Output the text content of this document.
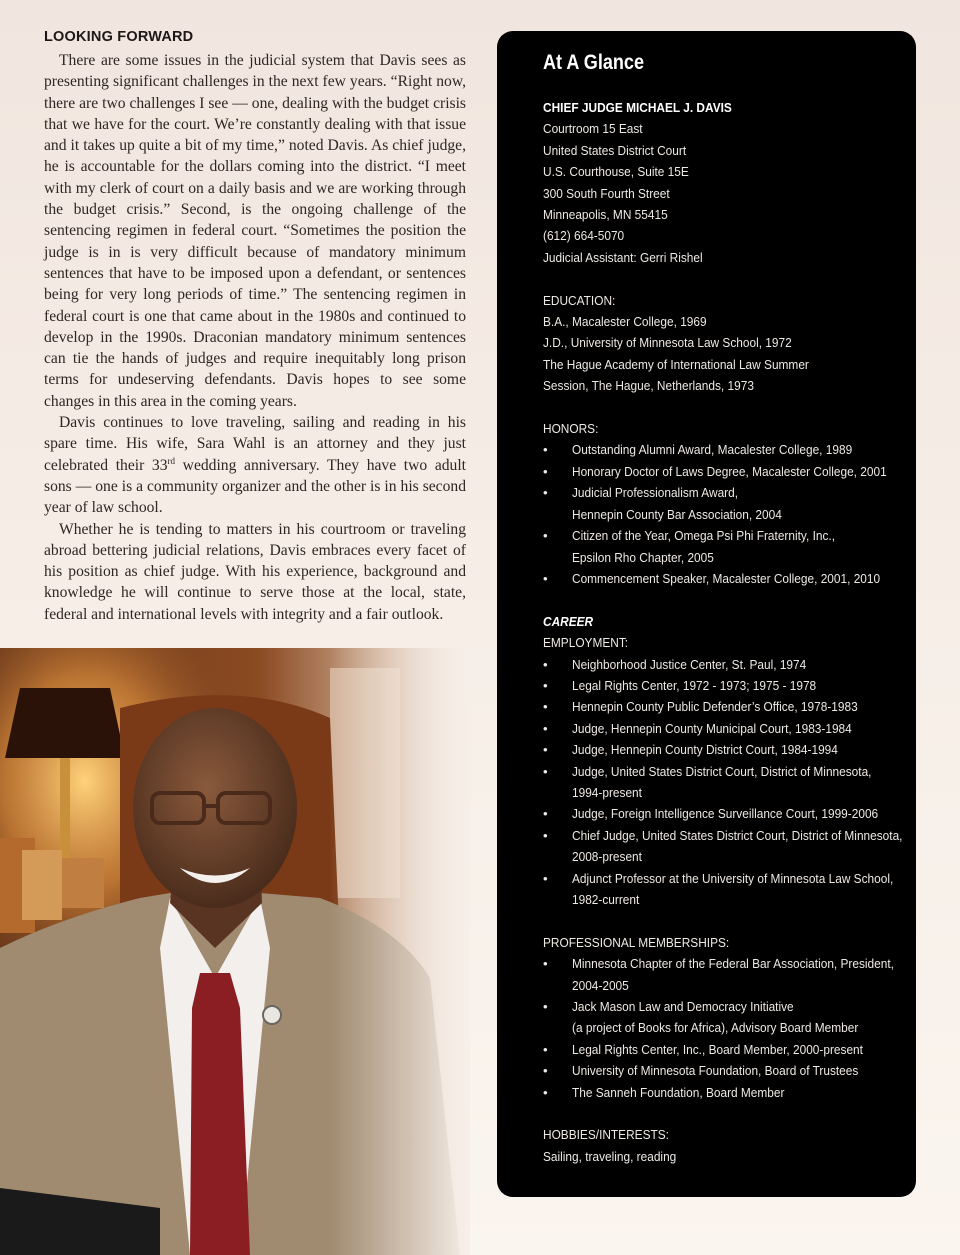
LOOKING FORWARD

There are some issues in the judicial system that Davis sees as presenting significant challenges in the next few years. “Right now, there are two challenges I see — one, dealing with the budget crisis that we have for the court. We’re constantly dealing with that issue and it takes up quite a bit of my time,” noted Davis. As chief judge, he is accountable for the dollars coming into the district. “I meet with my clerk of court on a daily basis and we are working through the budget crisis.” Second, is the ongoing challenge of the sentencing regimen in federal court. “Sometimes the position the judge is in is very difficult because of mandatory minimum sentences that have to be imposed upon a defendant, or sentences being for very long periods of time.” The sentencing regimen in federal court is one that came about in the 1980s and continued to develop in the 1990s. Draconian mandatory minimum sentences can tie the hands of judges and require inequitably long prison terms for undeserving defendants. Davis hopes to see some changes in this area in the coming years.

Davis continues to love traveling, sailing and reading in his spare time. His wife, Sara Wahl is an attorney and they just celebrated their 33rd wedding anniversary. They have two adult sons — one is a community organizer and the other is in his second year of law school.

Whether he is tending to matters in his courtroom or traveling abroad bettering judicial relations, Davis embraces every facet of his position as chief judge. With his experience, background and knowledge he will continue to serve those at the local, state, federal and international levels with integrity and a fair outlook.

At A Glance
CHIEF JUDGE MICHAEL J. DAVIS
Courtroom 15 East
United States District Court
U.S. Courthouse, Suite 15E
300 South Fourth Street
Minneapolis, MN 55415
(612) 664-5070
Judicial Assistant: Gerri Rishel
EDUCATION:
B.A., Macalester College, 1969
J.D., University of Minnesota Law School, 1972
The Hague Academy of International Law Summer
Session, The Hague, Netherlands, 1973
HONORS:
• Outstanding Alumni Award, Macalester College, 1989
• Honorary Doctor of Laws Degree, Macalester College, 2001
• Judicial Professionalism Award,
Hennepin County Bar Association, 2004
• Citizen of the Year, Omega Psi Phi Fraternity, Inc.,
Epsilon Rho Chapter, 2005
• Commencement Speaker, Macalester College, 2001, 2010
CAREER
EMPLOYMENT:
• Neighborhood Justice Center, St. Paul, 1974
• Legal Rights Center, 1972 - 1973; 1975 - 1978
• Hennepin County Public Defender’s Office, 1978-1983
• Judge, Hennepin County Municipal Court, 1983-1984
• Judge, Hennepin County District Court, 1984-1994
• Judge, United States District Court, District of Minnesota,
1994-present
• Judge, Foreign Intelligence Surveillance Court, 1999-2006
• Chief Judge, United States District Court, District of Minnesota,
2008-present
• Adjunct Professor at the University of Minnesota Law School,
1982-current
PROFESSIONAL MEMBERSHIPS:
• Minnesota Chapter of the Federal Bar Association, President,
2004-2005
• Jack Mason Law and Democracy Initiative
(a project of Books for Africa), Advisory Board Member
• Legal Rights Center, Inc., Board Member, 2000-present
• University of Minnesota Foundation, Board of Trustees
• The Sanneh Foundation, Board Member
HOBBIES/INTERESTS:
Sailing, traveling, reading
